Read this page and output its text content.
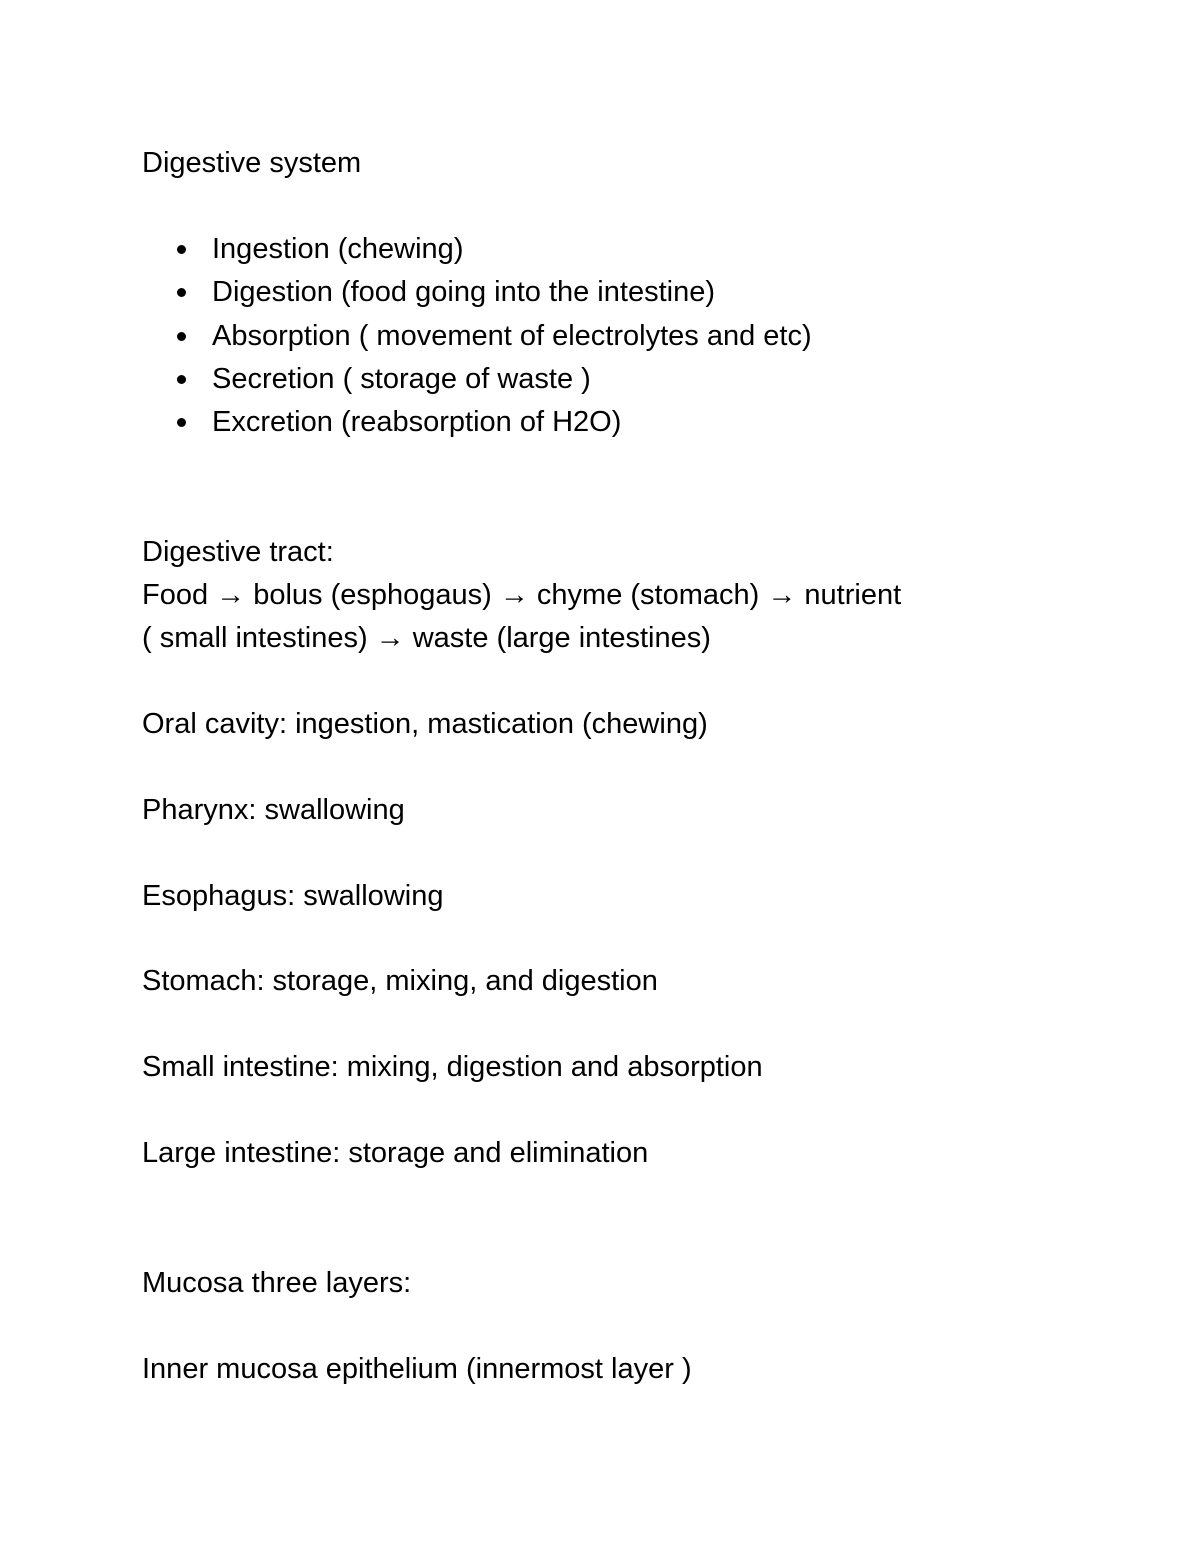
Digestive system
Ingestion (chewing)
Digestion (food going into the intestine)
Absorption ( movement of electrolytes and etc)
Secretion ( storage of waste )
Excretion (reabsorption of H2O)
Digestive tract:
Food → bolus (esphogaus) → chyme (stomach) → nutrient
( small intestines) → waste (large intestines)
Oral cavity: ingestion, mastication (chewing)
Pharynx: swallowing
Esophagus: swallowing
Stomach: storage, mixing, and digestion
Small intestine: mixing, digestion and absorption
Large intestine: storage and elimination
Mucosa three layers:
Inner mucosa epithelium (innermost layer )
